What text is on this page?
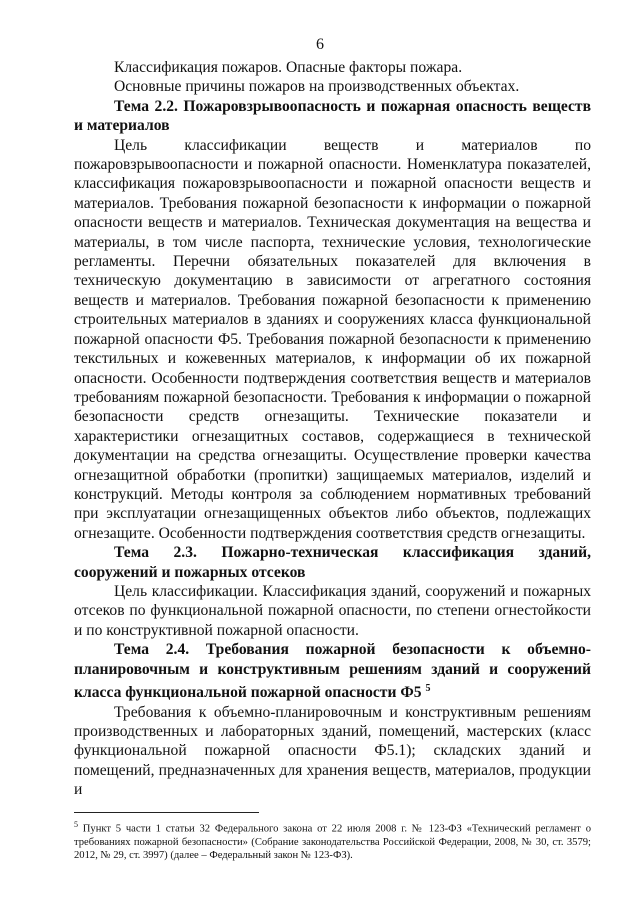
6

Классификация пожаров. Опасные факторы пожара.

Основные причины пожаров на производственных объектах.

Тема 2.2. Пожаровзрывоопасность и пожарная опасность веществ и материалов

Цель классификации веществ и материалов по пожаровзрывоопасности и пожарной опасности. Номенклатура показателей, классификация пожаровзрывоопасности и пожарной опасности веществ и материалов. Требования пожарной безопасности к информации о пожарной опасности веществ и материалов. Техническая документация на вещества и материалы, в том числе паспорта, технические условия, технологические регламенты. Перечни обязательных показателей для включения в техническую документацию в зависимости от агрегатного состояния веществ и материалов. Требования пожарной безопасности к применению строительных материалов в зданиях и сооружениях класса функциональной пожарной опасности Ф5. Требования пожарной безопасности к применению текстильных и кожевенных материалов, к информации об их пожарной опасности. Особенности подтверждения соответствия веществ и материалов требованиям пожарной безопасности. Требования к информации о пожарной безопасности средств огнезащиты. Технические показатели и характеристики огнезащитных составов, содержащиеся в технической документации на средства огнезащиты. Осуществление проверки качества огнезащитной обработки (пропитки) защищаемых материалов, изделий и конструкций. Методы контроля за соблюдением нормативных требований при эксплуатации огнезащищенных объектов либо объектов, подлежащих огнезащите. Особенности подтверждения соответствия средств огнезащиты.

Тема 2.3. Пожарно-техническая классификация зданий, сооружений и пожарных отсеков

Цель классификации. Классификация зданий, сооружений и пожарных отсеков по функциональной пожарной опасности, по степени огнестойкости и по конструктивной пожарной опасности.

Тема 2.4. Требования пожарной безопасности к объемно-планировочным и конструктивным решениям зданий и сооружений класса функциональной пожарной опасности Ф5 $^5$

Требования к объемно-планировочным и конструктивным решениям производственных и лабораторных зданий, помещений, мастерских (класс функциональной пожарной опасности Ф5.1); складских зданий и помещений, предназначенных для хранения веществ, материалов, продукции и

$^5$ Пункт 5 части 1 статьи 32 Федерального закона от 22 июля 2008 г. № 123-ФЗ «Технический регламент о требованиях пожарной безопасности» (Собрание законодательства Российской Федерации, 2008, № 30, ст. 3579; 2012, № 29, ст. 3997) (далее – Федеральный закон № 123-ФЗ).
